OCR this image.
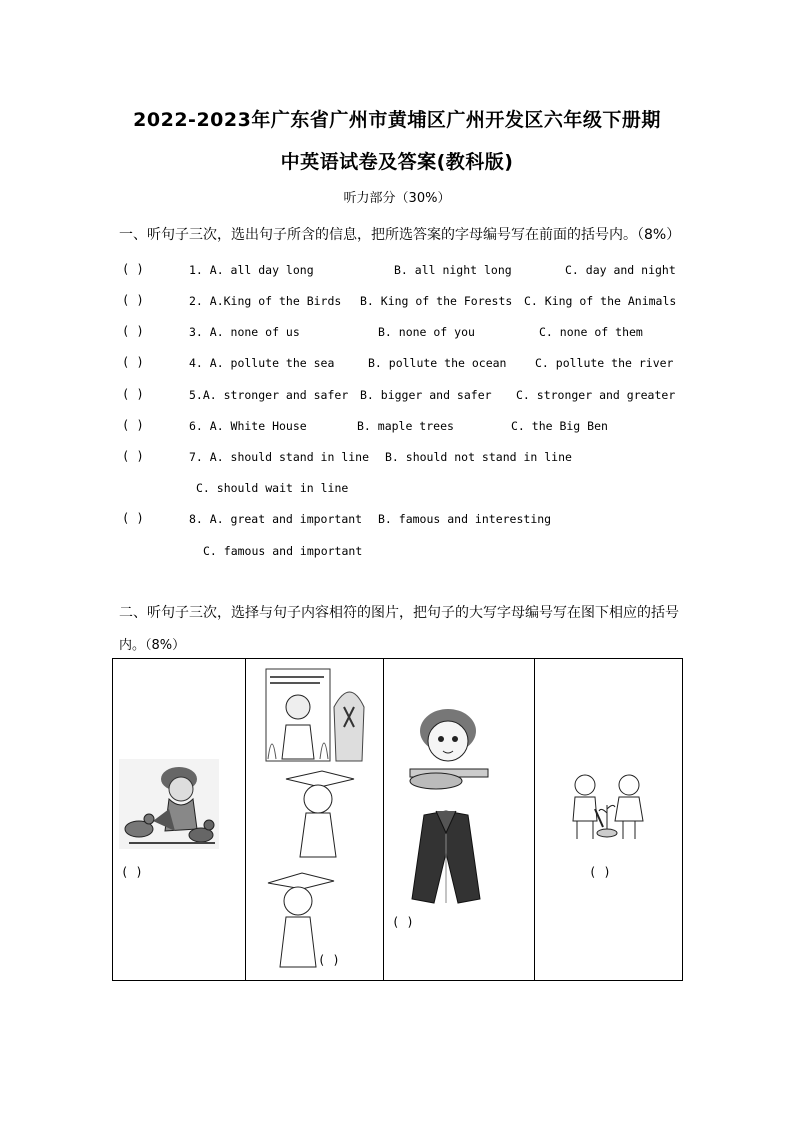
2022-2023年广东省广州市黄埔区广州开发区六年级下册期
中英语试卷及答案(教科版)
听力部分（30%）
一、听句子三次，选出句子所含的信息，把所选答案的字母编号写在前面的括号内。（8%）
( )	1. A. all day long	B. all night long	C. day and night
( )	2. A.King of the Birds B. King of the Forests C. King of the Animals
( )	3. A. none of us	B. none of you	C. none of them
( )	4. A. pollute the sea	B. pollute the ocean C. pollute the river
( )	5.A. stronger and safer B. bigger and safer C. stronger and greater
( )	6. A. White House	B. maple trees	C. the Big Ben
( )	7. A. should stand in line B. should not stand in line
C. should wait in line
( )	8. A. great and important B. famous and interesting
C. famous and important
二、听句子三次，选择与句子内容相符的图片，把句子的大写字母编号写在图下相应的括号
内。（8%）
( )

( )

( )

( )
